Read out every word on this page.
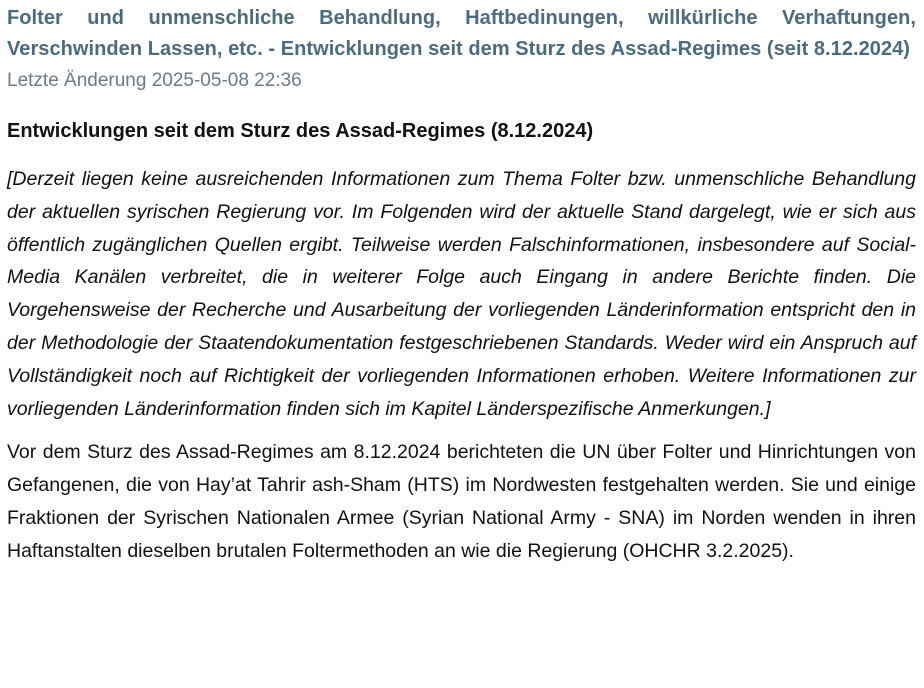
Folter und unmenschliche Behandlung, Haftbedinungen, willkürliche Verhaftungen, Verschwinden Lassen, etc. - Entwicklungen seit dem Sturz des Assad-Regimes (seit 8.12.2024)
Letzte Änderung 2025-05-08 22:36
Entwicklungen seit dem Sturz des Assad-Regimes (8.12.2024)

[Derzeit liegen keine ausreichenden Informationen zum Thema Folter bzw. unmenschliche Behandlung der aktuellen syrischen Regierung vor. Im Folgenden wird der aktuelle Stand dargelegt, wie er sich aus öffentlich zugänglichen Quellen ergibt. Teilweise werden Falschinformationen, insbesondere auf Social-Media Kanälen verbreitet, die in weiterer Folge auch Eingang in andere Berichte finden. Die Vorgehensweise der Recherche und Ausarbeitung der vorliegenden Länderinformation entspricht den in der Methodologie der Staatendokumentation festgeschriebenen Standards. Weder wird ein Anspruch auf Vollständigkeit noch auf Richtigkeit der vorliegenden Informationen erhoben. Weitere Informationen zur vorliegenden Länderinformation finden sich im Kapitel Länderspezifische Anmerkungen.]

Vor dem Sturz des Assad-Regimes am 8.12.2024 berichteten die UN über Folter und Hinrichtungen von Gefangenen, die von Hay’at Tahrir ash-Sham (HTS) im Nordwesten festgehalten werden. Sie und einige Fraktionen der Syrischen Nationalen Armee (Syrian National Army - SNA) im Norden wenden in ihren Haftanstalten dieselben brutalen Foltermethoden an wie die Regierung (OHCHR 3.2.2025).
